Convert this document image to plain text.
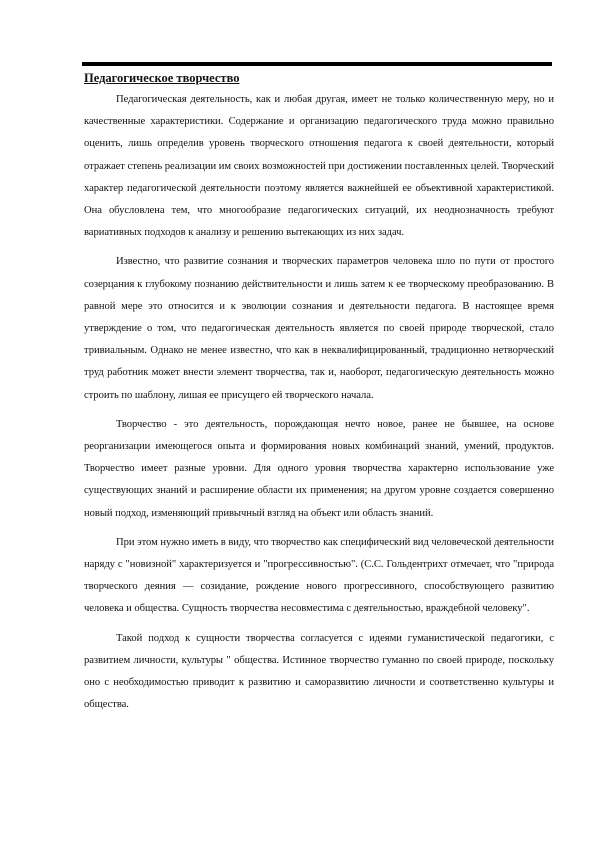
Педагогическое творчество

Педагогическая деятельность, как и любая другая, имеет не только количественную меру, но и качественные характеристики. Содержание и организацию педагогического труда можно правильно оценить, лишь определив уровень творческого отношения педагога к своей деятельности, который отражает степень реализации им своих возможностей при достижении поставленных целей. Творческий характер педагогической деятельности поэтому является важнейшей ее объективной характеристикой. Она обусловлена тем, что многообразие педагогических ситуаций, их неоднозначность требуют вариативных подходов к анализу и решению вытекающих из них задач.

Известно, что развитие сознания и творческих параметров человека шло по пути от простого созерцания к глубокому познанию действительности и лишь затем к ее творческому преобразованию. В равной мере это относится и к эволюции сознания и деятельности педагога. В настоящее время утверждение о том, что педагогическая деятельность является по своей природе творческой, стало тривиальным. Однако не менее известно, что как в неквалифицированный, традиционно нетворческий труд работник может внести элемент творчества, так и, наоборот, педагогическую деятельность можно строить по шаблону, лишая ее присущего ей творческого начала.

Творчество - это деятельность, порождающая нечто новое, ранее не бывшее, на основе реорганизации имеющегося опыта и формирования новых комбинаций знаний, умений, продуктов. Творчество имеет разные уровни. Для одного уровня творчества характерно использование уже существующих знаний и расширение области их применения; на другом уровне создается совершенно новый подход, изменяющий привычный взгляд на объект или область знаний.

При этом нужно иметь в виду, что творчество как специфический вид человеческой деятельности наряду с "новизной" характеризуется и "прогрессивностью". (С.С. Гольдентрихт отмечает, что "природа творческого деяния — созидание, рождение нового прогрессивного, способствующего развитию человека и общества. Сущность творчества несовместима с деятельностью, враждебной человеку".

Такой подход к сущности творчества согласуется с идеями гуманистической педагогики, с развитием личности, культуры " общества. Истинное творчество гуманно по своей природе, поскольку оно с необходимостью приводит к развитию и саморазвитию личности и соответственно культуры и общества.
